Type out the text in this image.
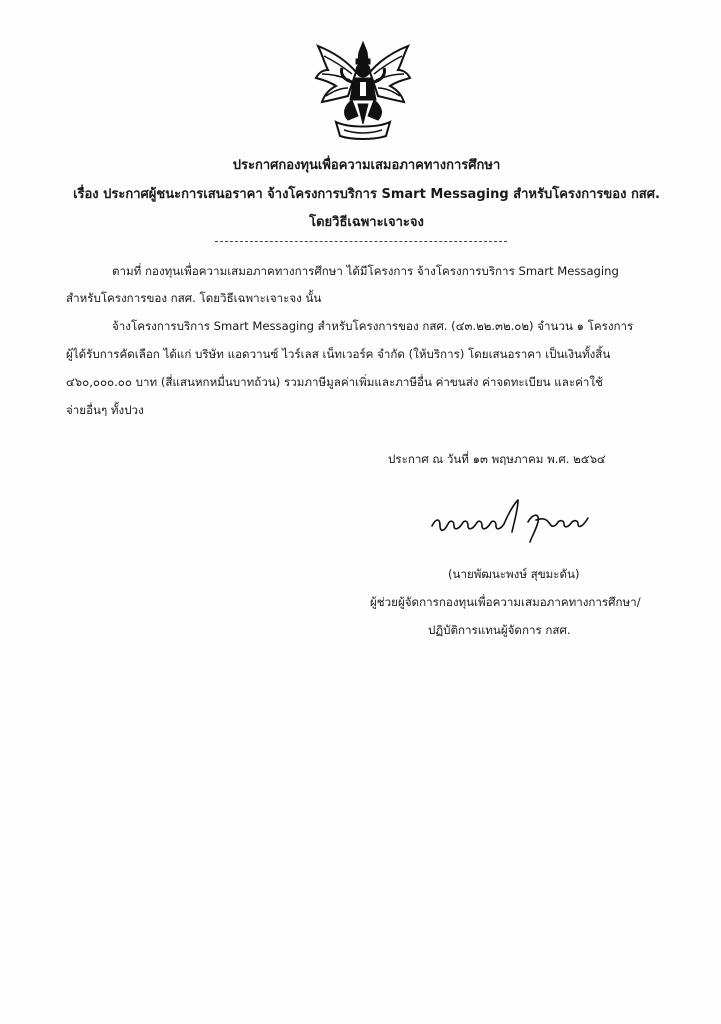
ประกาศกองทุนเพื่อความเสมอภาคทางการศึกษา
เรื่อง ประกาศผู้ชนะการเสนอราคา จ้างโครงการบริการ Smart Messaging สำหรับโครงการของ กสศ.
โดยวิธีเฉพาะเจาะจง
ตามที่ กองทุนเพื่อความเสมอภาคทางการศึกษา ได้มีโครงการ จ้างโครงการบริการ Smart Messaging
สำหรับโครงการของ กสศ. โดยวิธีเฉพาะเจาะจง นั้น
จ้างโครงการบริการ Smart Messaging สำหรับโครงการของ กสศ. (๔๓.๒๒.๓๒.๐๒) จำนวน ๑ โครงการ
ผู้ได้รับการคัดเลือก ได้แก่ บริษัท แอดวานซ์ ไวร์เลส เน็ทเวอร์ค จำกัด (ให้บริการ) โดยเสนอราคา เป็นเงินทั้งสิ้น
๔๖๐,๐๐๐.๐๐ บาท (สี่แสนหกหมื่นบาทถ้วน) รวมภาษีมูลค่าเพิ่มและภาษีอื่น ค่าขนส่ง ค่าจดทะเบียน และค่าใช้
จ่ายอื่นๆ ทั้งปวง
ประกาศ ณ วันที่ ๑๓ พฤษภาคม พ.ศ. ๒๕๖๔
(นายพัฒนะพงษ์ สุขมะดัน)
ผู้ช่วยผู้จัดการกองทุนเพื่อความเสมอภาคทางการศึกษา/
ปฏิบัติการแทนผู้จัดการ กสศ.
